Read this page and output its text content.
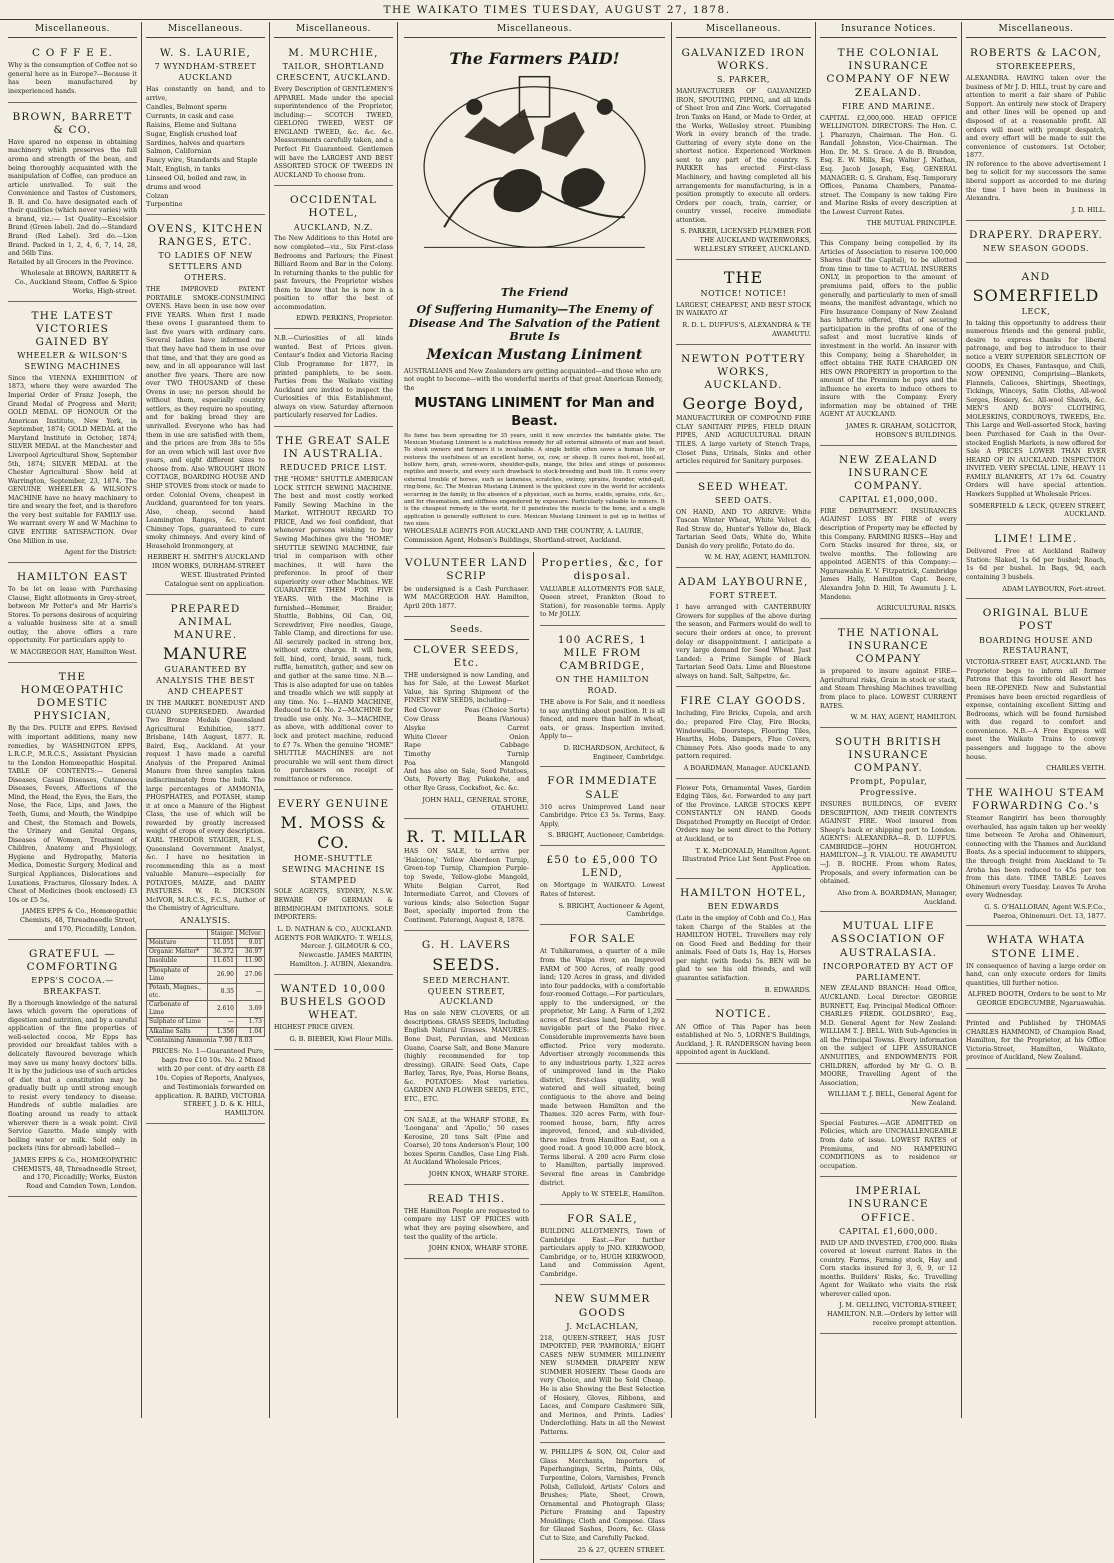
THE WAIKATO TIMES TUESDAY, AUGUST 27, 1878.
Miscellaneous.
C O F F E E.
Why is the consumption of Coffee not so general here as in Europe?—Because it has been manufactured by inexperienced hands.
BROWN, BARRETT & CO.
Have spared no expense in obtaining machinery which preserves the full aroma and strength of the bean, and being thoroughly acquainted with the manipulation of Coffee, can produce an article unrivalled. To suit the Convenience and Tastes of Customers, B. B. and Co. have designated each of their qualities (which never varies) with a brand, viz.:— 1st Quality—Excelsior Brand (Green label). 2nd do.—Standard Brand (Red Label). 3rd do.—Lion Brand. Packed in 1, 2, 4, 6, 7, 14, 28, and 56lb Tins.
Retailed by all Grocers in the Province.
Wholesale at BROWN, BARRETT & Co., Auckland Steam, Coffee & Spice Works, High-street.
THE LATEST VICTORIES GAINED BY
WHEELER & WILSON'S SEWING MACHINES
Since the VIENNA EXHIBITION of 1873, where they were awarded The Imperial Order of Franz Joseph, the Grand Medal of Progress and Merit; GOLD MEDAL OF HONOUR Of the American Institute, New York, in September, 1874; GOLD MEDAL at the Maryland Institute in October, 1874; SILVER MEDAL at the Manchester and Liverpool Agricultural Show, September 5th, 1874; SILVER MEDAL at the Chester Agricultural Show held at Warrington, September, 23, 1874. The GENUINE WHEELER & WILSON'S MACHINE have no heavy machinery to tire and weary the feet, and is therefore the very best suitable for FAMILY use. We warrant every W and W Machine to GIVE ENTIRE SATISFACTION. Over One Million in use.
Agent for the District:
HAMILTON EAST
To be let on lease with Purchasing Clause, Eight allotments in Grey-street, between Mr Potter's and Mr Harris's Stores. To persons desirous of acquiring a valuable business site at a small outlay, the above offers a rare opportunity. For particulars apply to
W. MACGREGOR HAY, Hamilton West.
THE HOMŒOPATHIC DOMESTIC PHYSICIAN,
By the Drs. PULTE and EPPS. Revised with important additions, many new remedies, by WASHINGTON EPPS, L.R.C.P., M.R.C.S., Assistant Physician to the London Homœopathic Hospital. TABLE OF CONTENTS:— General Diseases, Casual Diseases, Cutaneous Diseases, Fevers, Affections of the Mind, the Head, the Eyes, the Ears, the Nose, the Face, Lips, and Jaws, the Teeth, Gums, and Mouth, the Windpipe and Chest, the Stomach and Bowels, the Urinary and Genital Organs, Diseases of Women, Treatment of Children, Anatomy and Physiology, Hygiene and Hydropathy, Materia Medica, Domestic Surgery, Medical and Surgical Appliances, Dislocations and Luxations, Fractures, Glossary Index. A Chest of Medicines (book enclosed) £3 10s or £5 5s.
JAMES EPPS & Co., Homœopathic Chemists, 48, Threadneedle Street, and 170, Piccadilly, London.
GRATEFUL — COMFORTING
EPPS'S COCOA.—BREAKFAST.
By a thorough knowledge of the natural laws which govern the operations of digestion and nutrition, and by a careful application of the fine properties of well-selected cocoa, Mr Epps has provided our breakfast tables with a delicately flavoured beverage which may save us many heavy doctors' bills. It is by the judicious use of such articles of diet that a constitution may be gradually built up until strong enough to resist every tendency to disease. Hundreds of subtle maladies are floating around us ready to attack wherever there is a weak point. Civil Service Gazette. Made simply with boiling water or milk. Sold only in packets (tins for abroad) labelled—
JAMES EPPS & Co., HOMŒOPATHIC CHEMISTS, 48, Threadneedle Street, and 170, Piccadilly; Works, Euston Road and Camden Town, London.
Miscellaneous.
W. S. LAURIE,
7 WYNDHAM-STREET AUCKLAND
Has constantly on hand, and to arrive,
Candles, Belmont sperm
Currants, in cask and case
Raisins, Eleme and Sultana
Sugar, English crushed loaf
Sardines, halves and quarters
Salmon, Californian
Fancy wire, Standards and Staple
Malt, English, in tanks
Linseed Oil, boiled and raw, in drums and wood
Colzan
Turpentine
OVENS, KITCHEN RANGES, ETC.
TO LADIES OF NEW SETTLERS AND OTHERS.
THE IMPROVED PATENT PORTABLE SMOKE-CONSUMING OVENS. Have been in use now over FIVE YEARS. When first I made these ovens I guaranteed them to last five years with ordinary care. Several ladies have informed me that they have had them in use over that time, and that they are good as new, and in all appearance will last another five years. There are now over TWO THOUSAND of these Ovens in use; no person should be without them, especially country settlers, as they require no spouting, and for baking bread they are unrivalled. Everyone who has had them in use are satisfied with them, and the prices are from 38s to 55s for an oven which will last over five years, and eight different sizes to choose from. Also WROUGHT IRON COTTAGE, BOARDING HOUSE AND SHIP STOVES from stock or made to order. Colonial Ovens, cheapest in Auckland, guaranteed for ten years. Also, cheap, second hand Leamington Ranges, &c. Patent Chimney Tops, guaranteed to cure smoky chimneys. And every kind of Household Ironmongery, at
HERBERT H. SMITH'S AUCKLAND IRON WORKS, DURHAM-STREET WEST. Illustrated Printed Catalogue sent on application.
PREPARED ANIMAL MANURE.
MANURE
GUARANTEED BY ANALYSIS THE BEST AND CHEAPEST
IN THE MARKET. BONEDUST AND GUANO SUPERSEDED. Awarded Two Bronze Medals Queensland Agricultural Exhibition, 1877. Brisbane, 14th August, 1877. R. Baird, Esq., Auckland. At your request I have made a careful Analysis of the Prepared Animal Manure from three samples taken indiscriminately from the bulk. The large percentages of AMMONIA, PHOSPHATES, and POTASH, stamp it at once a Manure of the Highest Class, the use of which will be rewarded by greatly increased weight of crops of every description. KARL THEODOR STAIGER, F.L.S., Queensland Government Analyst, &c. I have no hesitation in recommending this as a most valuable Manure—especially for POTATOES, MAIZE, and DAIRY PASTURES. W. R. DICKSON McIVOR, M.R.C.S., F.C.S., Author of the Chemistry of Agriculture.
ANALYSIS.
	Staiger.	McIvor.
Moisture	11.051	9.01
Organic Matter*	36.372	36.97
Insoluble	11.651	11.90
Phosphate of Lime	26.90	27.06
Potash, Magnes., etc.	8.35	—
Carbonate of Lime	2.610	3.69
Sulphate of Lime	—	1.73
Alkaline Salts	1.356	1.04
*Containing Ammonia 7.90 / 8.03
PRICES: No. 1—Guaranteed Pure, bags free £10 10s. No. 2 Mixed with 20 per cent. of dry earth £8 10s. Copies of Reports, Analyses, and Testimonials forwarded on application. R. BAIRD, VICTORIA STREET, J. D. & K. HILL, HAMILTON.
Miscellaneous.
M. MURCHIE,
TAILOR, SHORTLAND CRESCENT, AUCKLAND.
Every Description of GENTLEMEN'S APPAREL Made under the special superintendence of the Proprietor, including:— SCOTCH TWEED, GEELONG TWEED, WEST OF ENGLAND TWEED, &c. &c. &c. Measurements carefully taken, and a Perfect Fit Guaranteed. Gentlemen will have the LARGEST AND BEST ASSORTED STOCK OF TWEEDS IN AUCKLAND To choose from.
OCCIDENTAL HOTEL,
AUCKLAND, N.Z.
The New Additions to this Hotel are now completed—viz., Six First-class Bedrooms and Parlours; the Finest Billiard Room and Bar in the Colony. In returning thanks to the public for past favours, the Proprietor wishes them to know that he is now in a position to offer the best of accommodation.
EDWD. PERKINS, Proprietor.
N.B.—Curiosities of all kinds wanted. Best of Prices given. Centaur's Index and Victoria Racing Club Programme for 1877, in printed pamphlets, to be seen. Parties from the Waikato visiting Auckland are invited to inspect the Curiosities of this Establishment, always on view. Saturday afternoon particularly reserved for Ladies.
THE GREAT SALE IN AUSTRALIA.
REDUCED PRICE LIST.
THE "HOME" SHUTTLE AMERICAN LOCK STITCH SEWING MACHINE. The best and most costly worked Family Sewing Machine in the Market. WITHOUT REGARD TO PRICE, And we feel confident, that whenever persons wishing to buy Sewing Machines give the "HOME" SHUTTLE SEWING MACHINE, fair trial in comparison with other machines, it will have the preference. In proof of their superiority over other Machines. WE GUARANTEE THEM FOR FIVE YEARS. With the Machine is furnished—Hemmer, Braider, Shuttle, Bobbins, Oil Can, Oil, Screwdriver, Five needles, Gauge, Table Clamp, and directions for use. All securely packed in strong box, without extra charge. It will hem, fell, bind, cord, braid, seam, tuck, ruffle, hemstitch, gather, and sew on and gather at the same time. N.B.—This is also adapted for use on tables and treadle which we will supply at any time. No. 1—HAND MACHINE, Reduced to £4. No. 2—MACHINE for treadle use only. No. 3—MACHINE, as above, with additional cover to lock and protect machine, reduced to £7 7s. When the genuine "HOME" SHUTTLE MACHINES are not procurable we will sent them direct to purchasers on receipt of remittance or reference.
EVERY GENUINE
M. MOSS & CO.
HOME-SHUTTLE SEWING MACHINE IS STAMPED
SOLE AGENTS, SYDNEY, N.S.W. BEWARE OF GERMAN & BIRMINGHAM IMITATIONS. SOLE IMPORTERS:
L. D. NATHAN & CO., AUCKLAND. AGENTS FOR WAIKATO: T. WELLS, Mercer. J. GILMOUR & CO., Newcastle. JAMES MARTIN, Hamilton. J. AUBIN, Alexandra.
WANTED 10,000 BUSHELS GOOD WHEAT.
HIGHEST PRICE GIVEN.
G. B. BIEBER, Kiwi Flour Mills.
Miscellaneous.
The Farmers PAID!
The Friend
Of Suffering Humanity—The Enemy of Disease And The Salvation of the Patient Brute Is
Mexican Mustang Liniment
AUSTRALIANS and New Zealanders are getting acquainted—and those who are not ought to become—with the wonderful merits of that great American Remedy, the
MUSTANG LINIMENT for Man and Beast.
Its fame has been spreading for 35 years, until it now encircles the habitable globe. The Mexican Mustang Liniment is a matchless remedy for all external ailments of man and beast. To stock owners and farmers it is invaluable. A single bottle often saves a human life, or restores the usefulness of an excellent horse, ox, cow, or sheep. It cures foot-rot, hoof-ail, hollow horn, grub, screw-worm, shoulder-galls, mange, the bites and stings of poisonous reptiles and insects, and every such drawback to stock-breeding and bush life. It cures every external trouble of horses, such as lameness, scratches, swinny, sprains, founder, wind-gall, ring-bone, &c. The Mexican Mustang Liniment is the quickest cure in the world for accidents occurring in the family, in the absence of a physician, such as burns, scalds, sprains, cuts, &c., and for rheumatism, and stiffness engendered by exposure. Particularly valuable to miners. It is the cheapest remedy in the world, for it penetrates the muscle to the bone, and a single application is generally sufficient to cure. Mexican Mustang Liniment is put up in bottles of two sizes.
WHOLESALE AGENTS FOR AUCKLAND AND THE COUNTRY, A. LAURIE, Commission Agent, Hobson's Buildings, Shortland-street, Auckland.
VOLUNTEER LAND SCRIP
be undersigned is a Cash Purchaser. WM MACGREGOR HAY. Hamilton, April 20th 1877.
Seeds.
CLOVER SEEDS, Etc.
THE undersigned is now Landing, and has for Sale, at the Lowest Market Value, his Spring Shipment of the FINEST NEW SEEDS, including—
Red Clover	Peas (Choice Sorts)
Cow Grass	Beans (Various)
Alsyke	Carrot
White Clover	Onion
Rape	Cabbage
Timothy	Turnip
Poa	Mangold
And has also on Sale, Seed Potatoes, Oats, Poverty Bay, Pukekohe, and other Rye Grass, Cocksfoot, &c. &c.
JOHN HALL, GENERAL STORE, OTAHUHU.
R. T. MILLAR
HAS ON SALE, to arrive per 'Halcione,' Yellow Aberdeen Turnip, Green-top Turnip, Champion Purple-top Swede, Yellow-globe Mangold, White Belgian Carrot, Red Intermediate Carrot, and Clovers of various kinds; also Selection Sugar Beet, specially imported from the Continent. Paterangi, August 8, 1878.
G. H. LAVERS
SEEDS.
SEED MERCHANT. QUEEN STREET, AUCKLAND
Has on sale NEW CLOVERS, Of all descriptions. GRASS SEEDS, Including English Natural Grasses. MANURES: Bone Dust, Peruvian, and Mexican Guano, Coarse Salt, and Bone Manure (highly recommended for top dressing). GRAIN: Seed Oats, Cape Barley, Tares, Rye, Peas, Horse Beans, &c. POTATOES: Most varieties. GARDEN AND FLOWER SEEDS, ETC., ETC., ETC.
ON SALE, at the WHARF STORE, Ex 'Loongana' and 'Apollo,' 50 cases Kerosine, 20 tons Salt (Fine and Coarse), 20 tons Anderson's Flour, 100 boxes Sperm Candles, Case Ling Fish. At Auckland Wholesale Prices,
JOHN KNOX, WHARF STORE.
READ THIS.
THE Hamilton People are requested to compare my LIST OF PRICES with what they are paying elsewhere, and test the quality of the article.
JOHN KNOX, WHARF STORE.
Properties, &c, for disposal.
VALUABLE ALLOTMENTS FOR SALE, Queen street, Frankton (Road to Station), for reasonable terms. Apply to Mr JOLLY.
100 ACRES, 1 MILE FROM CAMBRIDGE,
ON THE HAMILTON ROAD.
THE above is For Sale, and it needless to say anything about position. It is all fenced, and more than half in wheat, oats, or grass. Inspection invited. Apply to—
D. RICHARDSON, Architect, & Engineer, Cambridge.
FOR IMMEDIATE SALE
310 acres Unimproved Land near Cambridge. Price £3 5s. Terms, Easy. Apply,
S. BRIGHT, Auctioneer, Cambridge.
£50 to £5,000 TO LEND,
on Mortgage in WAIKATO. Lowest Rates of Interest.
S. BRIGHT, Auctioneer & Agent, Cambridge.
FOR SALE
At Tuhikaramea, a quarter of a mile from the Waipa river, an Improved FARM of 500 Acres, of really good land; 120 Acres in grass, and divided into four paddocks, with a comfortable four-roomed Cottage.—For particulars, apply to the undersigned, or the proprietor, Mr Lang. A Farm of 1,292 acres of first-class land, bounded by a navigable part of the Piako river. Considerable improvements have been effected. Price very moderate. Advertiser strongly recommends this to any industrious party. 1,322 acres of unimproved land in the Piako district, first-class quality, well watered and well situated, being contiguous to the above and being made between Hamilton and the Thames. 320 acres Farm, with four-roomed house, barn, fifty acres improved, fenced, and sub-divided, three miles from Hamilton East, on a good road. A good 10,000 acre block, Terms liberal. A 200 acre Farm close to Hamilton, partially improved. Several fine areas in Cambridge district.
Apply to W. STEELE, Hamilton.
FOR SALE,
BUILDING ALLOTMENTS, Town of Cambridge East.—For further particulars apply to JNO. KIRKWOOD, Cambridge, or to, HUGH KIRKWOOD, Land and Commission Agent, Cambridge.
NEW SUMMER GOODS
J. McLACHLAN,
218, QUEEN-STREET, HAS JUST IMPORTED, PER 'PAMBORIA,' EIGHT CASES NEW SUMMER MILLINERY NEW SUMMER DRAPERY NEW SUMMER HOSIERY. These Goods are very Choice, and Will be Sold Cheap. He is also Showing the Best Selection of Hosiery, Gloves, Ribbons, and Laces, and Compare Cashmere Silk, and Merinos, and Prints. Ladies' Underclothing. Hats in all the Newest Patterns.
W. PHILLIPS & SON, Oil, Color and Glass Merchants, Importers of Paperhangings, Scrim, Paints, Oils, Turpentine, Colors, Varnishes, French Polish, Celluloid, Artists' Colors and Brushes; Plate, Sheet, Crown, Ornamental and Photograph Glass; Picture Framing and Tapestry Mouldings; Cloth and Compose. Glass for Glazed Sashes, Doors, &c. Glass Cut to Size, and Carefully Packed.
25 & 27, QUEEN STREET.
Miscellaneous.
GALVANIZED IRON WORKS.
S. PARKER,
MANUFACTURER OF GALVANIZED IRON, SPOUTING, PIPING, and all kinds of Sheet Iron and Zinc Work. Corrugated Iron Tanks on Hand, or Made to Order, at the Works, Wellesley street. Plumbing Work in every branch of the trade. Guttering of every style done on the shortest notice. Experienced Workmen sent to any part of the country. S. PARKER has erected First-class Machinery, and having completed all his arrangements for manufacturing, is in a position promptly to execute all orders. Orders per coach, train, carrier, or country vessel, receive immediate attention.
S. PARKER, LICENSED PLUMBER FOR THE AUCKLAND WATERWORKS, WELLESLEY STREET, AUCKLAND.
THE
NOTICE! NOTICE!
LARGEST, CHEAPEST, AND BEST STOCK IN WAIKATO AT
R. D. L. DUFFUS'S, ALEXANDRA & TE AWAMUTU.
NEWTON POTTERY WORKS, AUCKLAND.
George Boyd,
MANUFACTURER OF COMPOUND FIRE CLAY SANITARY PIPES, FIELD DRAIN PIPES, AND AGRICULTURAL DRAIN TILES. A large variety of Stench Traps, Closet Pans, Urinals, Sinks and other articles required for Sanitary purposes.
SEED WHEAT.
SEED OATS.
ON HAND, AND TO ARRIVE: White Tuscan Winter Wheat, White Velvet do, Red Straw do, Hunter's Yellow do, Black Tartarian Seed Oats, White do, White Danish do very prolific, Potato do do.
W. M. HAY, AGENT, HAMILTON.
ADAM LAYBOURNE,
FORT STREET.
I have arranged with CANTERBURY Growers for supplies of the above during the season, and Farmers would do well to secure their orders at once, to prevent delay or disappointment. I anticipate a very large demand for Seed Wheat. Just Landed: a Prime Sample of Black Tartarian Seed Oats. Lime and Bluestone always on hand. Salt, Saltpetre, &c.
FIRE CLAY GOODS.
Including, Fire Bricks, Cupola, and arch do.; prepared Fire Clay, Fire Blocks, Windowsills, Doorsteps, Flooring Tiles, Hearths, Hobs, Dampers, Flue Covers, Chimney Pots. Also goods made to any pattern required.
A BOARDMAN, Manager. AUCKLAND.
Flower Pots, Ornamental Vases, Garden Edging Tiles, &c. Forwarded to any part of the Province. LARGE STOCKS KEPT CONSTANTLY ON HAND. Goods Dispatched Promptly on Receipt of Order. Orders may be sent direct to the Pottery at Auckland, or to
T. K. McDONALD, Hamilton Agent. Illustrated Price List Sent Post Free on Application.
HAMILTON HOTEL,
BEN EDWARDS
(Late in the employ of Cobb and Co.), Has taken Charge of the Stables at the HAMILTON HOTEL. Travellers may rely on Good Feed and Bedding for their animals. Feed of Oats 1s, Hay 1s, Horses per night (with feeds) 5s. BEN will be glad to see his old friends, and will guarantee satisfaction.
B. EDWARDS.
NOTICE.
AN Office of This Paper has been established at No. 5, LORNE'S Buildings, Auckland, J. R. RANDERSON having been appointed agent in Auckland.
Insurance Notices.
THE COLONIAL INSURANCE COMPANY OF NEW ZEALAND.
FIRE AND MARINE.
CAPITAL £2,000,000. HEAD OFFICE WELLINGTON. DIRECTORS: The Hon. C. J. Pharazyn, Chairman. The Hon. G. Randall Johnston, Vice-Chairman. The Hon. Dr. M. S. Grace. A de B. Brandon, Esq. E. W. Mills, Esq. Walter J. Nathan, Esq. Jacob Joseph, Esq. GENERAL MANAGER: G. S. Graham, Esq. Temporary Offices, Panama Chambers, Panama-street. The Company is now taking Fire and Marine Risks of every description at the Lowest Current Rates.
THE MUTUAL PRINCIPLE.
This Company being compelled by its Articles of Association to reserve 100,000 Shares (half the Capital), to be allotted from time to time to ACTUAL INSURERS ONLY, in proportion to the amount of premiums paid, offers to the public generally, and particularly to men of small means, the manifest advantage, which no Fire Insurance Company of New Zealand has hitherto offered, that of securing participation in the profits of one of the safest and most lucrative kinds of investment in the world. An insurer with this Company, being a Shareholder, in effect obtains THE RATE CHARGED ON HIS OWN PROPERTY in proportion to the amount of the Premium he pays and the influence he exerts to induce others to insure with the Company. Every information may be obtained of THE AGENT AT AUCKLAND.
JAMES R. GRAHAM, SOLICITOR, HOBSON'S BUILDINGS.
NEW ZEALAND INSURANCE COMPANY.
CAPITAL £1,000,000.
FIRE DEPARTMENT. INSURANCES AGAINST LOSS BY FIRE of every description of Property may be effected by this Company. FARMING RISKS—Hay and Corn Stacks insured for three, six, or twelve months. The following are appointed AGENTS of this Company:— Ngaruawahia E. V. Fitzpatrick, Cambridge James Hally, Hamilton Capt. Beere, Alexandra John D. Hill, Te Awamutu J. L. Mandeno.
AGRICULTURAL RISKS.
THE NATIONAL INSURANCE COMPANY
is prepared to insure against FIRE—Agricultural risks, Grain in stock or stack, and Steam Threshing Machines travelling from place to place. LOWEST CURRENT RATES.
W. M. HAY, AGENT, HAMILTON.
SOUTH BRITISH INSURANCE COMPANY.
Prompt, Popular, Progressive.
INSURES BUILDINGS, OF EVERY DESCRIPTION, AND THEIR CONTENTS AGAINST FIRE. Wool insured from Sheep's back or shipping port to London. AGENTS: ALEXANDRA—R. D. LUFFUS. CAMBRIDGE—JOHN HOUGHTON. HAMILTON—J. R. VIALOU. TE AWAMUTU—J. B. ROCHE. From whom Rates, Proposals, and every information can be obtained.
Also from A. BOARDMAN, Manager, Auckland.
MUTUAL LIFE ASSOCIATION OF AUSTRALASIA.
INCORPORATED BY ACT OF PARLIAMENT.
NEW ZEALAND BRANCH: Head Office, AUCKLAND. Local Director: GEORGE BURNETT, Esq. Principal Medical Officer: CHARLES FREDK. GOLDSBRO', Esq., M.D. General Agent for New Zealand: WILLIAM T. J. BELL. With Sub-Agencies in all the Principal Towns. Every information on the subject of LIFE ASSURANCE ANNUITIES, and ENDOWMENTS FOR CHILDREN, afforded by Mr G. O. B. MOORE, Travelling Agent of the Association,
WILLIAM T. J. BELL, General Agent for New Zealand.
Special Features.—AGE ADMITTED on Policies, which are UNCHALLENGEABLE from date of issue. LOWEST RATES of Premiums, and NO HAMPERING CONDITIONS as to residence or occupation.
IMPERIAL INSURANCE OFFICE.
CAPITAL £1,600,000.
PAID UP AND INVESTED, £700,000. Risks covered at lowest current Rates in the country. Farms, Farming stock, Hay and Corn stacks insured for 3, 6, 9, or 12 months. Builders' Risks, &c. Travelling Agent for Waikato who visits the risk wherever called upon.
J. M. GELLING, VICTORIA-STREET, HAMILTON. N.B.—Orders by letter will receive prompt attention.
Miscellaneous.
ROBERTS & LACON,
STOREKEEPERS,
ALEXANDRA. HAVING taken over the business of Mr J. D. HILL, trust by care and attention to merit a fair share of Public Support. An entirely new stock of Drapery and other lines will be opened up and disposed of at a reasonable profit. All orders will meet with prompt despatch, and every effort will be made to suit the convenience of customers. 1st October, 1877.
IN reference to the above advertisement I beg to solicit for my successors the same liberal support as accorded to me during the time I have been in business in Alexandra.
J. D. HILL.
DRAPERY. DRAPERY.
NEW SEASON GOODS.
AND
SOMERFIELD
LECK,
In taking this opportunity to address their numerous friends and the general public, desire to express thanks for liberal patronage, and beg to introduce to their notice a VERY SUPERIOR SELECTION OF GOODS, Ex Chases, Fantasque, and Chili, NOW OPENING, Comprising—Blankets, Flannels, Calicoes, Shirtings, Sheetings, Tickings, Winceys, Satin Cloths, All-wool Serges, Hosiery, &c. All-wool Shawls, &c. MEN'S AND BOYS' CLOTHING, MOLESKINS, CORDUROYS, TWEEDS, Etc. This Large and Well-assorted Stock, having been Purchased for Cash in the Over-stocked English Markets, is now offered for Sale A PRICES LOWER THAN EVER HEARD OF IN AUCKLAND. INSPECTION INVITED. VERY SPECIAL LINE, HEAVY 11 FAMILY BLANKETS, AT 17s 6d. Country Orders will have special attention. Hawkers Supplied at Wholesale Prices.
SOMERFIELD & LECK, QUEEN STREET, AUCKLAND.
LIME! LIME.
Delivered Free at Auckland Railway Station: Slaked, 1s 6d per bushel; Roach, 1s 6d per bushel. In Bags, 9d, each containing 3 bushels.
ADAM LAYBOURN, Fort-street.
ORIGINAL BLUE POST
BOARDING HOUSE AND RESTAURANT,
VICTORIA-STREET EAST, AUCKLAND. The Proprietor begs to inform all former Patrons that this favorite old Resort has been RE-OPENED. New and Substantial Premises have been erected regardless of expense, containing excellent Sitting and Bedrooms, which will be found furnished with due regard to comfort and convenience. N.B.—A Free Express will meet the Waikato Trains to convey passengers and luggage to the above house.
CHARLES VEITH.
THE WAIHOU STEAM FORWARDING Co.'s
Steamer Rangiriri has been thoroughly overhauled, has again taken up her weekly time between Te Aroha and Ohinemuri, connecting with the Thames and Auckland Boats. As a special inducement to shippers, the through freight from Auckland to Te Aroha has been reduced to 45s per ton from this date. TIME TABLE: Leaves Ohinemuri every Tuesday. Leaves Te Aroha every Wednesday.
G. S. O'HALLORAN, Agent W.S.F.Co., Paeroa, Ohinemuri. Oct. 13, 1877.
WHATA WHATA STONE LIME.
IN consequence of having a large order on hand, can only execute orders for limits quantities, till further notice.
ALFRED BOOTH, Orders to be sent to Mr GEORGE EDGECUMBE, Ngaruawahia.
Printed and Published by THOMAS CHARLES HAMMOND, of Champion Road, Hamilton, for the Proprietor, at his Office Victoria-Street, Hamilton, Waikato, province of Auckland, New Zealand.
